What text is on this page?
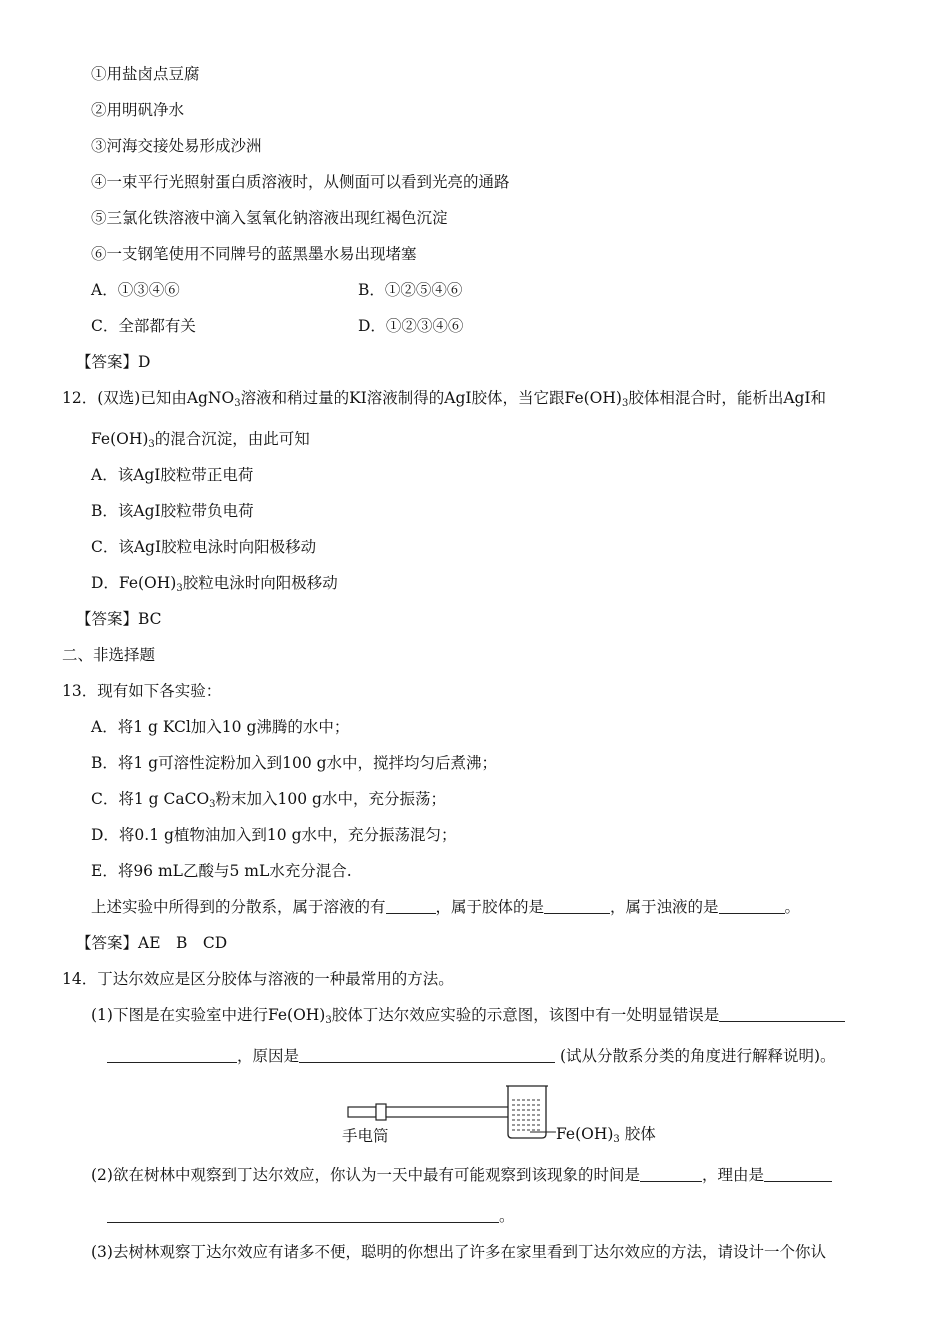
①用盐卤点豆腐
②用明矾净水
③河海交接处易形成沙洲
④一束平行光照射蛋白质溶液时，从侧面可以看到光亮的通路
⑤三氯化铁溶液中滴入氢氧化钠溶液出现红褐色沉淀
⑥一支钢笔使用不同牌号的蓝黑墨水易出现堵塞
A．①③④⑥	B．①②⑤④⑥
C．全部都有关	D．①②③④⑥
【答案】D
12．(双选)已知由AgNO$_3$溶液和稍过量的KI溶液制得的AgI胶体，当它跟$Fe(OH)_3$胶体相混合时，能析出AgI和
$Fe(OH)_3$的混合沉淀，由此可知
A．该AgI胶粒带正电荷
B．该AgI胶粒带负电荷
C．该AgI胶粒电泳时向阳极移动
D．$Fe(OH)_3$胶粒电泳时向阳极移动
【答案】BC
二、非选择题
13．现有如下各实验：
A．将1 g KCl加入10 g沸腾的水中；
B．将1 g可溶性淀粉加入到100 g水中，搅拌均匀后煮沸；
C．将1 g CaCO$_3$粉末加入100 g水中，充分振荡；
D．将0.1 g植物油加入到10 g水中，充分振荡混匀；
E．将96 mL乙酸与5 mL水充分混合.
上述实验中所得到的分散系，属于溶液的有	，属于胶体的是	，属于浊液的是	。
【答案】AE　B　CD
14．丁达尔效应是区分胶体与溶液的一种最常用的方法。
(1)下图是在实验室中进行$Fe(OH)_3$胶体丁达尔效应实验的示意图，该图中有一处明显错误是
，原因是	(试从分散系分类的角度进行解释说明)。
手电筒	$Fe(OH)_3$ 胶体
(2)欲在树林中观察到丁达尔效应，你认为一天中最有可能观察到该现象的时间是	，理由是
。
(3)去树林观察丁达尔效应有诸多不便，聪明的你想出了许多在家里看到丁达尔效应的方法，请设计一个你认
